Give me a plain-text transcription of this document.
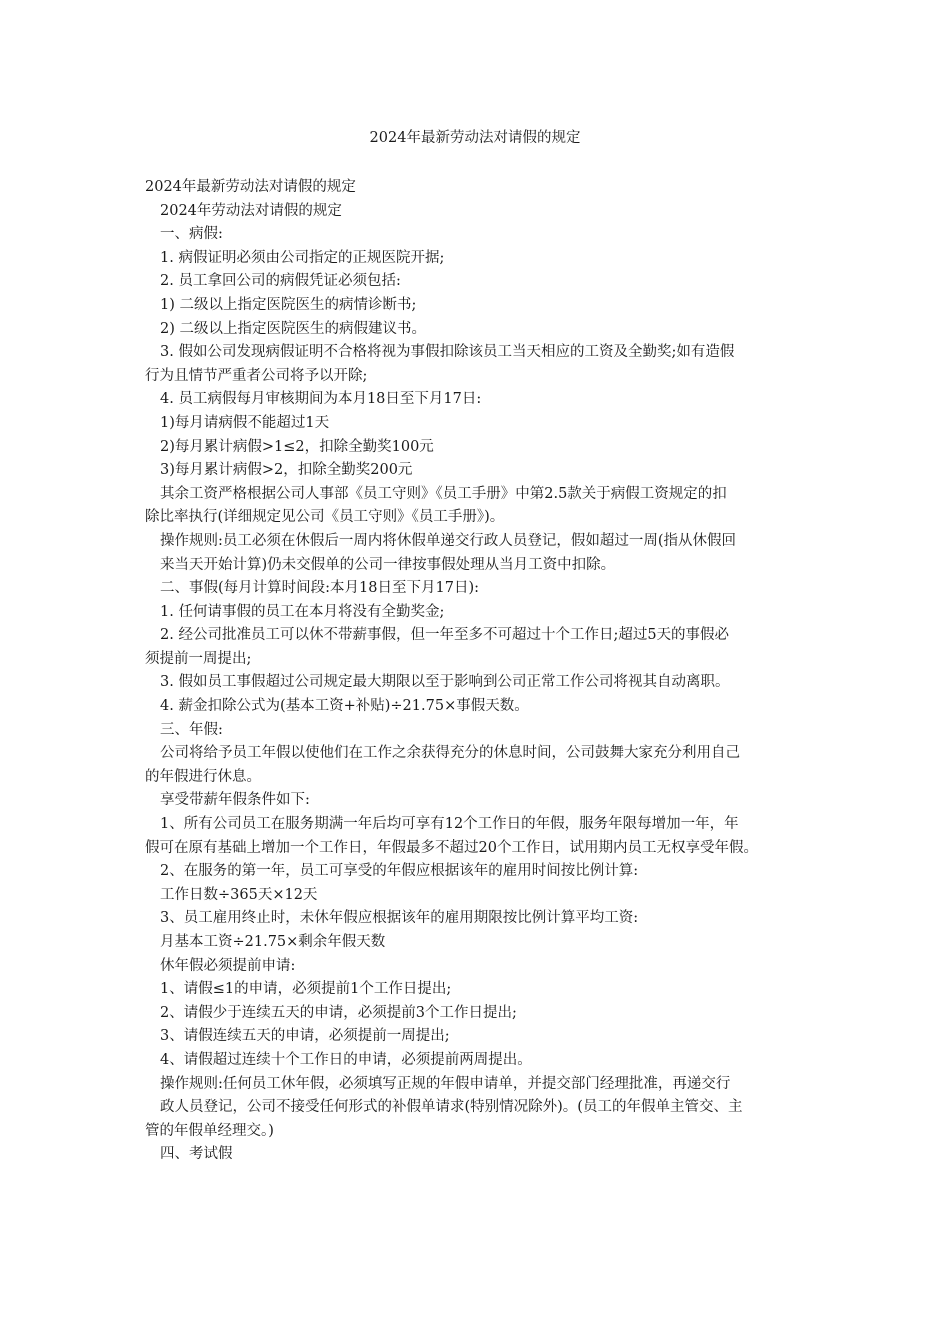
2024年最新劳动法对请假的规定

2024年最新劳动法对请假的规定

2024年劳动法对请假的规定

一、病假:

1. 病假证明必须由公司指定的正规医院开据;

2. 员工拿回公司的病假凭证必须包括:

1) 二级以上指定医院医生的病情诊断书;

2) 二级以上指定医院医生的病假建议书。

3. 假如公司发现病假证明不合格将视为事假扣除该员工当天相应的工资及全勤奖;如有造假

行为且情节严重者公司将予以开除;

4. 员工病假每月审核期间为本月18日至下月17日:

1)每月请病假不能超过1天

2)每月累计病假>1≤2，扣除全勤奖100元

3)每月累计病假>2，扣除全勤奖200元

其余工资严格根据公司人事部《员工守则》《员工手册》中第2.5款关于病假工资规定的扣

除比率执行(详细规定见公司《员工守则》《员工手册》)。

操作规则:员工必须在休假后一周内将休假单递交行政人员登记，假如超过一周(指从休假回

来当天开始计算)仍未交假单的公司一律按事假处理从当月工资中扣除。

二、事假(每月计算时间段:本月18日至下月17日):

1. 任何请事假的员工在本月将没有全勤奖金;

2. 经公司批准员工可以休不带薪事假，但一年至多不可超过十个工作日;超过5天的事假必

须提前一周提出;

3. 假如员工事假超过公司规定最大期限以至于影响到公司正常工作公司将视其自动离职。

4. 薪金扣除公式为(基本工资+补贴)÷21.75×事假天数。

三、年假:

公司将给予员工年假以使他们在工作之余获得充分的休息时间，公司鼓舞大家充分利用自己

的年假进行休息。

享受带薪年假条件如下:

1、所有公司员工在服务期满一年后均可享有12个工作日的年假，服务年限每增加一年，年

假可在原有基础上增加一个工作日，年假最多不超过20个工作日，试用期内员工无权享受年假。

2、在服务的第一年，员工可享受的年假应根据该年的雇用时间按比例计算:

工作日数÷365天×12天

3、员工雇用终止时，未休年假应根据该年的雇用期限按比例计算平均工资:

月基本工资÷21.75×剩余年假天数

休年假必须提前申请:

1、请假≤1的申请，必须提前1个工作日提出;

2、请假少于连续五天的申请，必须提前3个工作日提出;

3、请假连续五天的申请，必须提前一周提出;

4、请假超过连续十个工作日的申请，必须提前两周提出。

操作规则:任何员工休年假，必须填写正规的年假申请单，并提交部门经理批准，再递交行

政人员登记，公司不接受任何形式的补假单请求(特别情况除外)。(员工的年假单主管交、主

管的年假单经理交。)

四、考试假
